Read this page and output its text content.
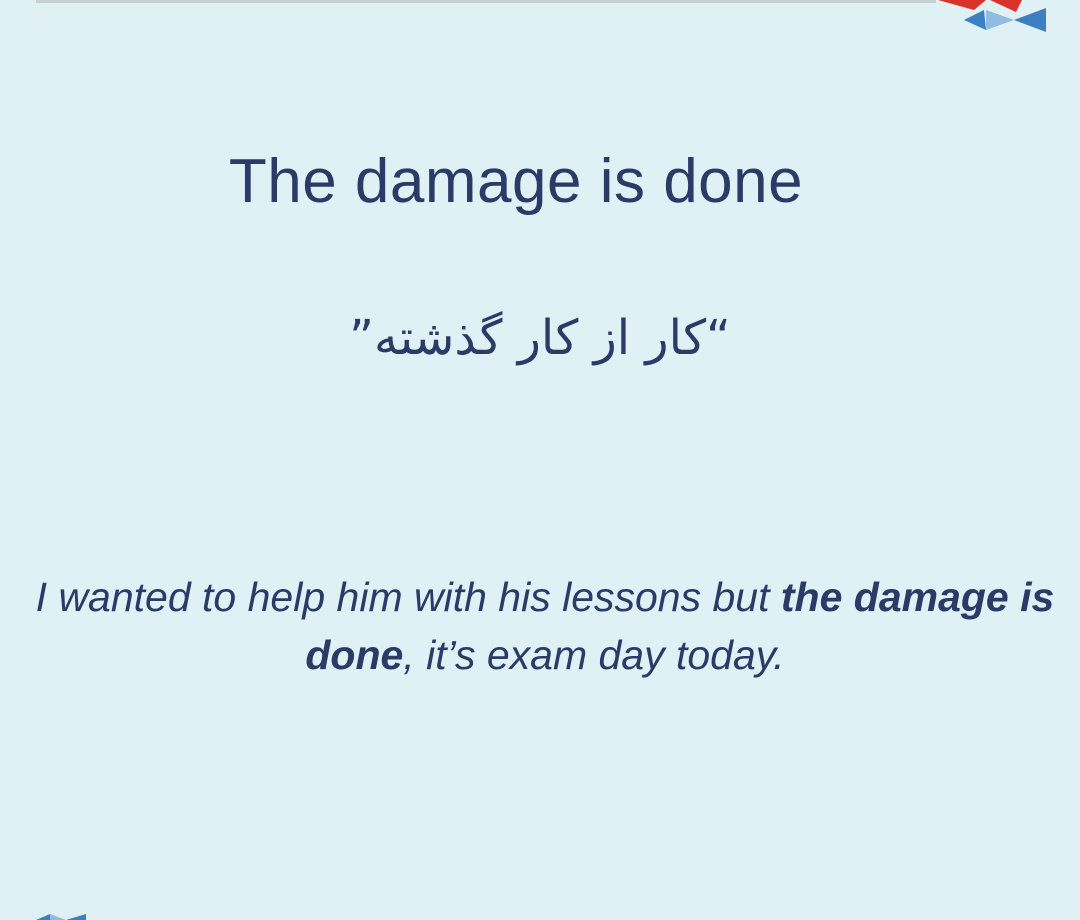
The damage is done

”کار از کار گذشته“

I wanted to help him with his lessons but the damage is done, it’s exam day today.
